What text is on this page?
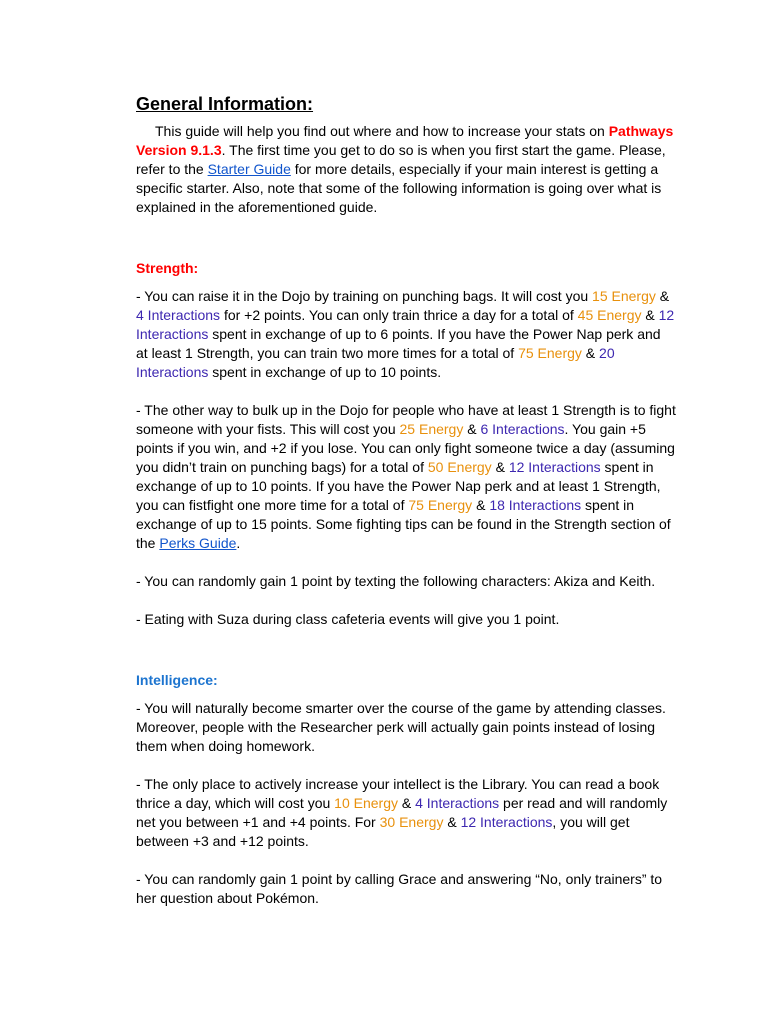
General Information:

This guide will help you find out where and how to increase your stats on Pathways Version 9.1.3. The first time you get to do so is when you first start the game. Please, refer to the Starter Guide for more details, especially if your main interest is getting a specific starter. Also, note that some of the following information is going over what is explained in the aforementioned guide.

Strength:

- You can raise it in the Dojo by training on punching bags. It will cost you 15 Energy & 4 Interactions for +2 points. You can only train thrice a day for a total of 45 Energy & 12 Interactions spent in exchange of up to 6 points. If you have the Power Nap perk and at least 1 Strength, you can train two more times for a total of 75 Energy & 20 Interactions spent in exchange of up to 10 points.

- The other way to bulk up in the Dojo for people who have at least 1 Strength is to fight someone with your fists. This will cost you 25 Energy & 6 Interactions. You gain +5 points if you win, and +2 if you lose. You can only fight someone twice a day (assuming you didn’t train on punching bags) for a total of 50 Energy & 12 Interactions spent in exchange of up to 10 points. If you have the Power Nap perk and at least 1 Strength, you can fistfight one more time for a total of 75 Energy & 18 Interactions spent in exchange of up to 15 points. Some fighting tips can be found in the Strength section of the Perks Guide.

- You can randomly gain 1 point by texting the following characters: Akiza and Keith.

- Eating with Suza during class cafeteria events will give you 1 point.

Intelligence:

- You will naturally become smarter over the course of the game by attending classes. Moreover, people with the Researcher perk will actually gain points instead of losing them when doing homework.

- The only place to actively increase your intellect is the Library. You can read a book thrice a day, which will cost you 10 Energy & 4 Interactions per read and will randomly net you between +1 and +4 points. For 30 Energy & 12 Interactions, you will get between +3 and +12 points.

- You can randomly gain 1 point by calling Grace and answering “No, only trainers” to her question about Pokémon.
